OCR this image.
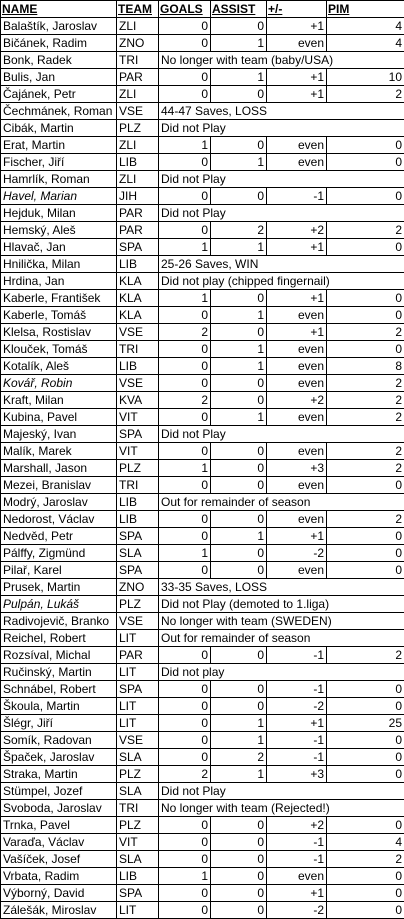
NAME	TEAM	GOALS	ASSIST	+/-	PIM
Balaštík, Jaroslav	ZLI	0	0	+1	4
Bičánek, Radim	ZNO	0	1	even	4
Bonk, Radek	TRI	No longer with team (baby/USA)			
Bulis, Jan	PAR	0	1	+1	10
Čajánek, Petr	ZLI	0	0	+1	2
Čechmánek, Roman	VSE	44-47 Saves, LOSS			
Cibák, Martin	PLZ	Did not Play			
Erat, Martin	ZLI	1	0	even	0
Fischer, Jiří	LIB	0	1	even	0
Hamrlík, Roman	ZLI	Did not Play			
Havel, Marian	JIH	0	0	-1	0
Hejduk, Milan	PAR	Did not Play			
Hemský, Aleš	PAR	0	2	+2	2
Hlavač, Jan	SPA	1	1	+1	0
Hnilička, Milan	LIB	25-26 Saves, WIN			
Hrdina, Jan	KLA	Did not play (chipped fingernail)			
Kaberle, František	KLA	1	0	+1	0
Kaberle, Tomáš	KLA	0	1	even	0
Klelsa, Rostislav	VSE	2	0	+1	2
Klouček, Tomáš	TRI	0	1	even	0
Kotalík, Aleš	LIB	0	1	even	8
Kovář, Robin	VSE	0	0	even	2
Kraft, Milan	KVA	2	0	+2	2
Kubina, Pavel	VIT	0	1	even	2
Majeský, Ivan	SPA	Did not Play			
Malík, Marek	VIT	0	0	even	2
Marshall, Jason	PLZ	1	0	+3	2
Mezei, Branislav	TRI	0	0	even	0
Modrý, Jaroslav	LIB	Out for remainder of season			
Nedorost, Václav	LIB	0	0	even	2
Nedvěd, Petr	SPA	0	1	+1	0
Pálffy, Zigmünd	SLA	1	0	-2	0
Pilař, Karel	SPA	0	0	even	0
Prusek, Martin	ZNO	33-35 Saves, LOSS			
Pulpán, Lukáš	PLZ	Did not Play (demoted to 1.liga)			
Radivojevič, Branko	VSE	No longer with team (SWEDEN)			
Reichel, Robert	LIT	Out for remainder of season			
Rozsíval, Michal	PAR	0	0	-1	2
Ručinský, Martin	LIT	Did not play			
Schnábel, Robert	SPA	0	0	-1	0
Škoula, Martin	LIT	0	0	-2	0
Šlégr, Jiří	LIT	0	1	+1	25
Somík, Radovan	VSE	0	1	-1	0
Špaček, Jaroslav	SLA	0	2	-1	0
Straka, Martin	PLZ	2	1	+3	0
Stümpel, Jozef	SLA	Did not Play			
Svoboda, Jaroslav	TRI	No longer with team (Rejected!)			
Trnka, Pavel	PLZ	0	0	+2	0
Varaďa, Václav	VIT	0	0	-1	4
Vašíček, Josef	SLA	0	0	-1	2
Vrbata, Radim	LIB	1	0	even	0
Výborný, David	SPA	0	0	+1	0
Zálešák, Miroslav	LIT	0	0	-2	0
